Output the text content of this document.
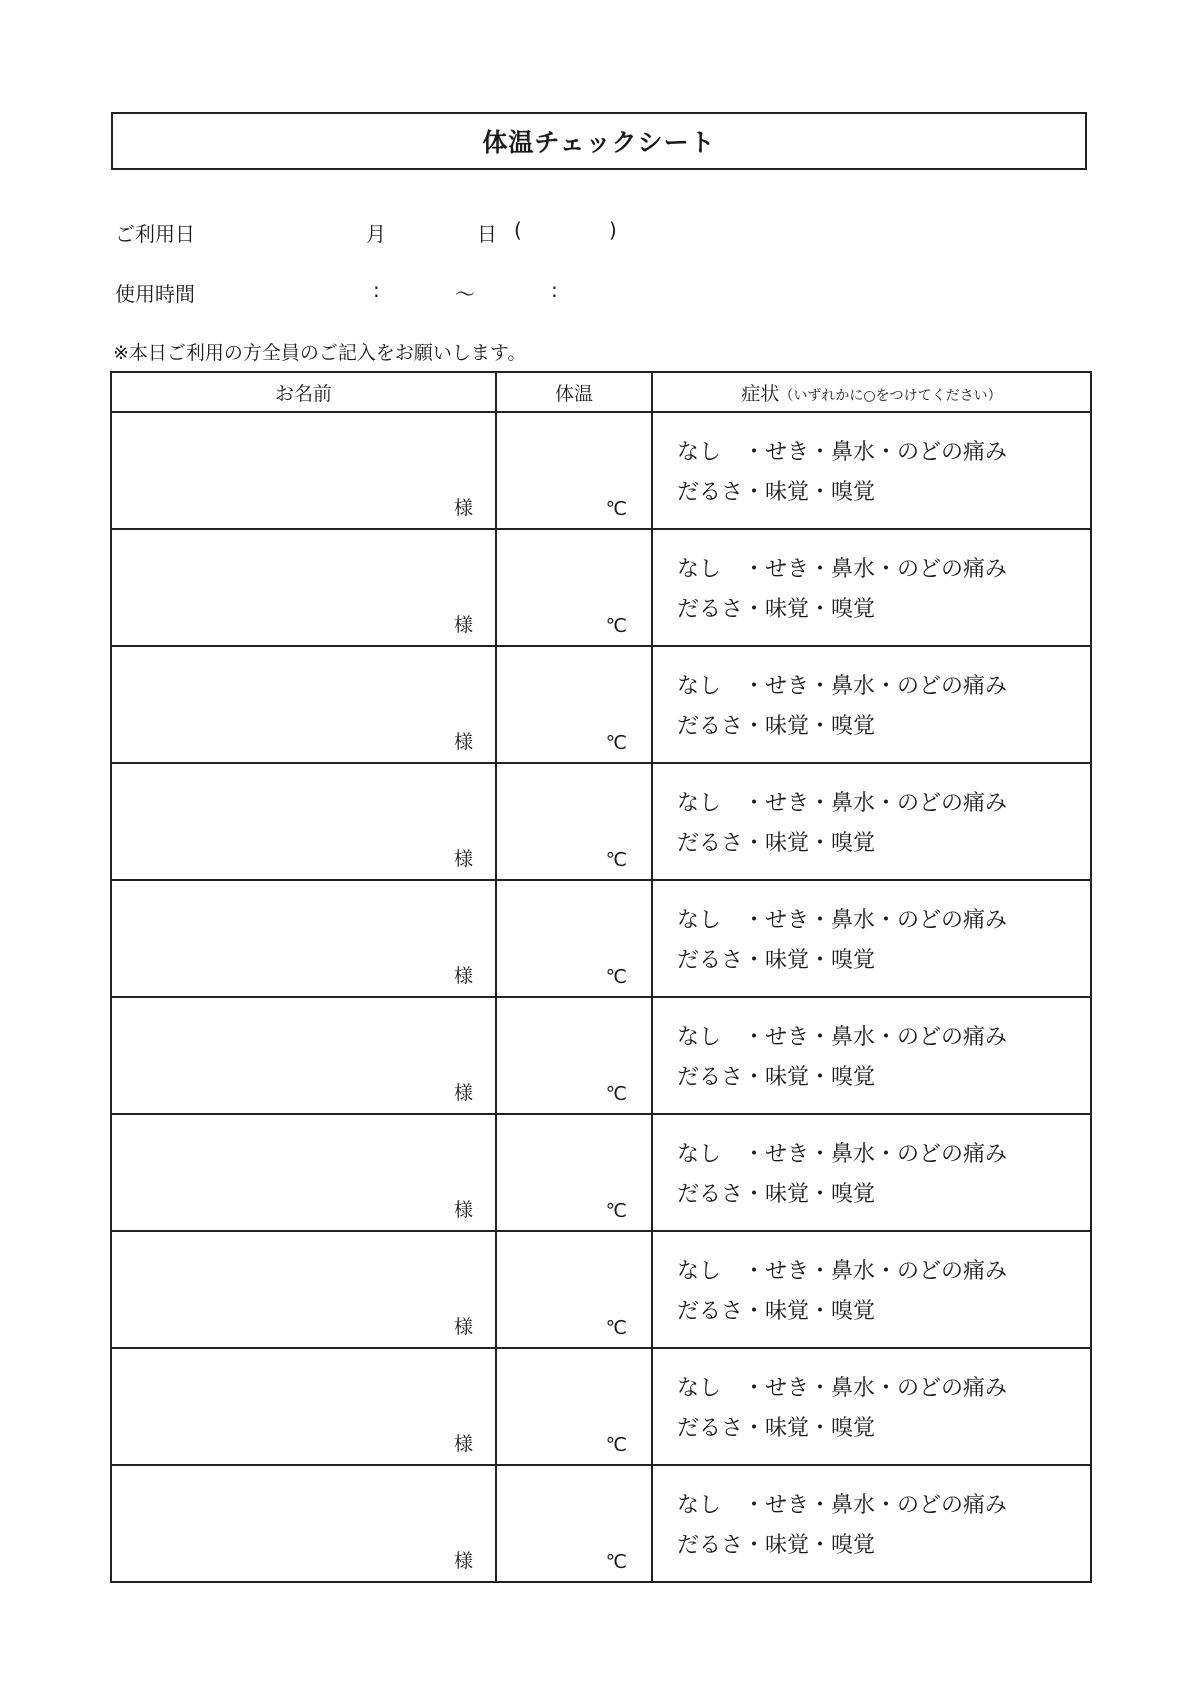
体温チェックシート
ご利用日	月	日 (	)
使用時間	:	〜	:
※本日ご利用の方全員のご記入をお願いします。
お名前	体温	症状（いずれかに○をつけてください）

様	℃	なし　・せき・鼻水・のどの痛み
だるさ・味覚・嗅覚

様	℃	なし　・せき・鼻水・のどの痛み
だるさ・味覚・嗅覚

様	℃	なし　・せき・鼻水・のどの痛み
だるさ・味覚・嗅覚

様	℃	なし　・せき・鼻水・のどの痛み
だるさ・味覚・嗅覚

様	℃	なし　・せき・鼻水・のどの痛み
だるさ・味覚・嗅覚

様	℃	なし　・せき・鼻水・のどの痛み
だるさ・味覚・嗅覚

様	℃	なし　・せき・鼻水・のどの痛み
だるさ・味覚・嗅覚

様	℃	なし　・せき・鼻水・のどの痛み
だるさ・味覚・嗅覚

様	℃	なし　・せき・鼻水・のどの痛み
だるさ・味覚・嗅覚

様	℃	なし　・せき・鼻水・のどの痛み
だるさ・味覚・嗅覚
